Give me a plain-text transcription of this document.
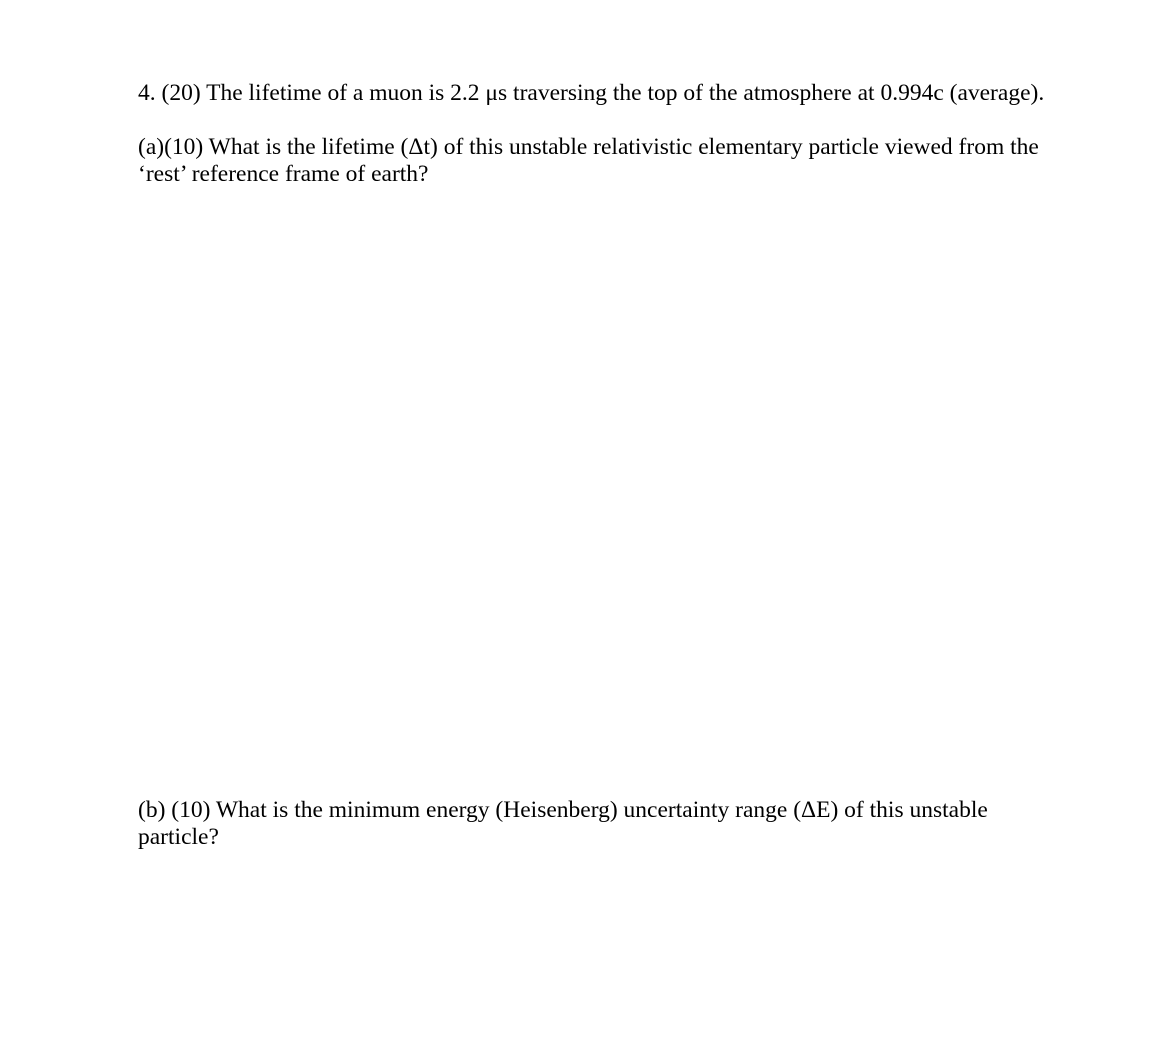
4. (20) The lifetime of a muon is 2.2 μs traversing the top of the atmosphere at 0.994c (average).
(a)(10) What is the lifetime (Δt) of this unstable relativistic elementary particle viewed from the
‘rest’ reference frame of earth?
(b) (10) What is the minimum energy (Heisenberg) uncertainty range (ΔE) of this unstable
particle?
